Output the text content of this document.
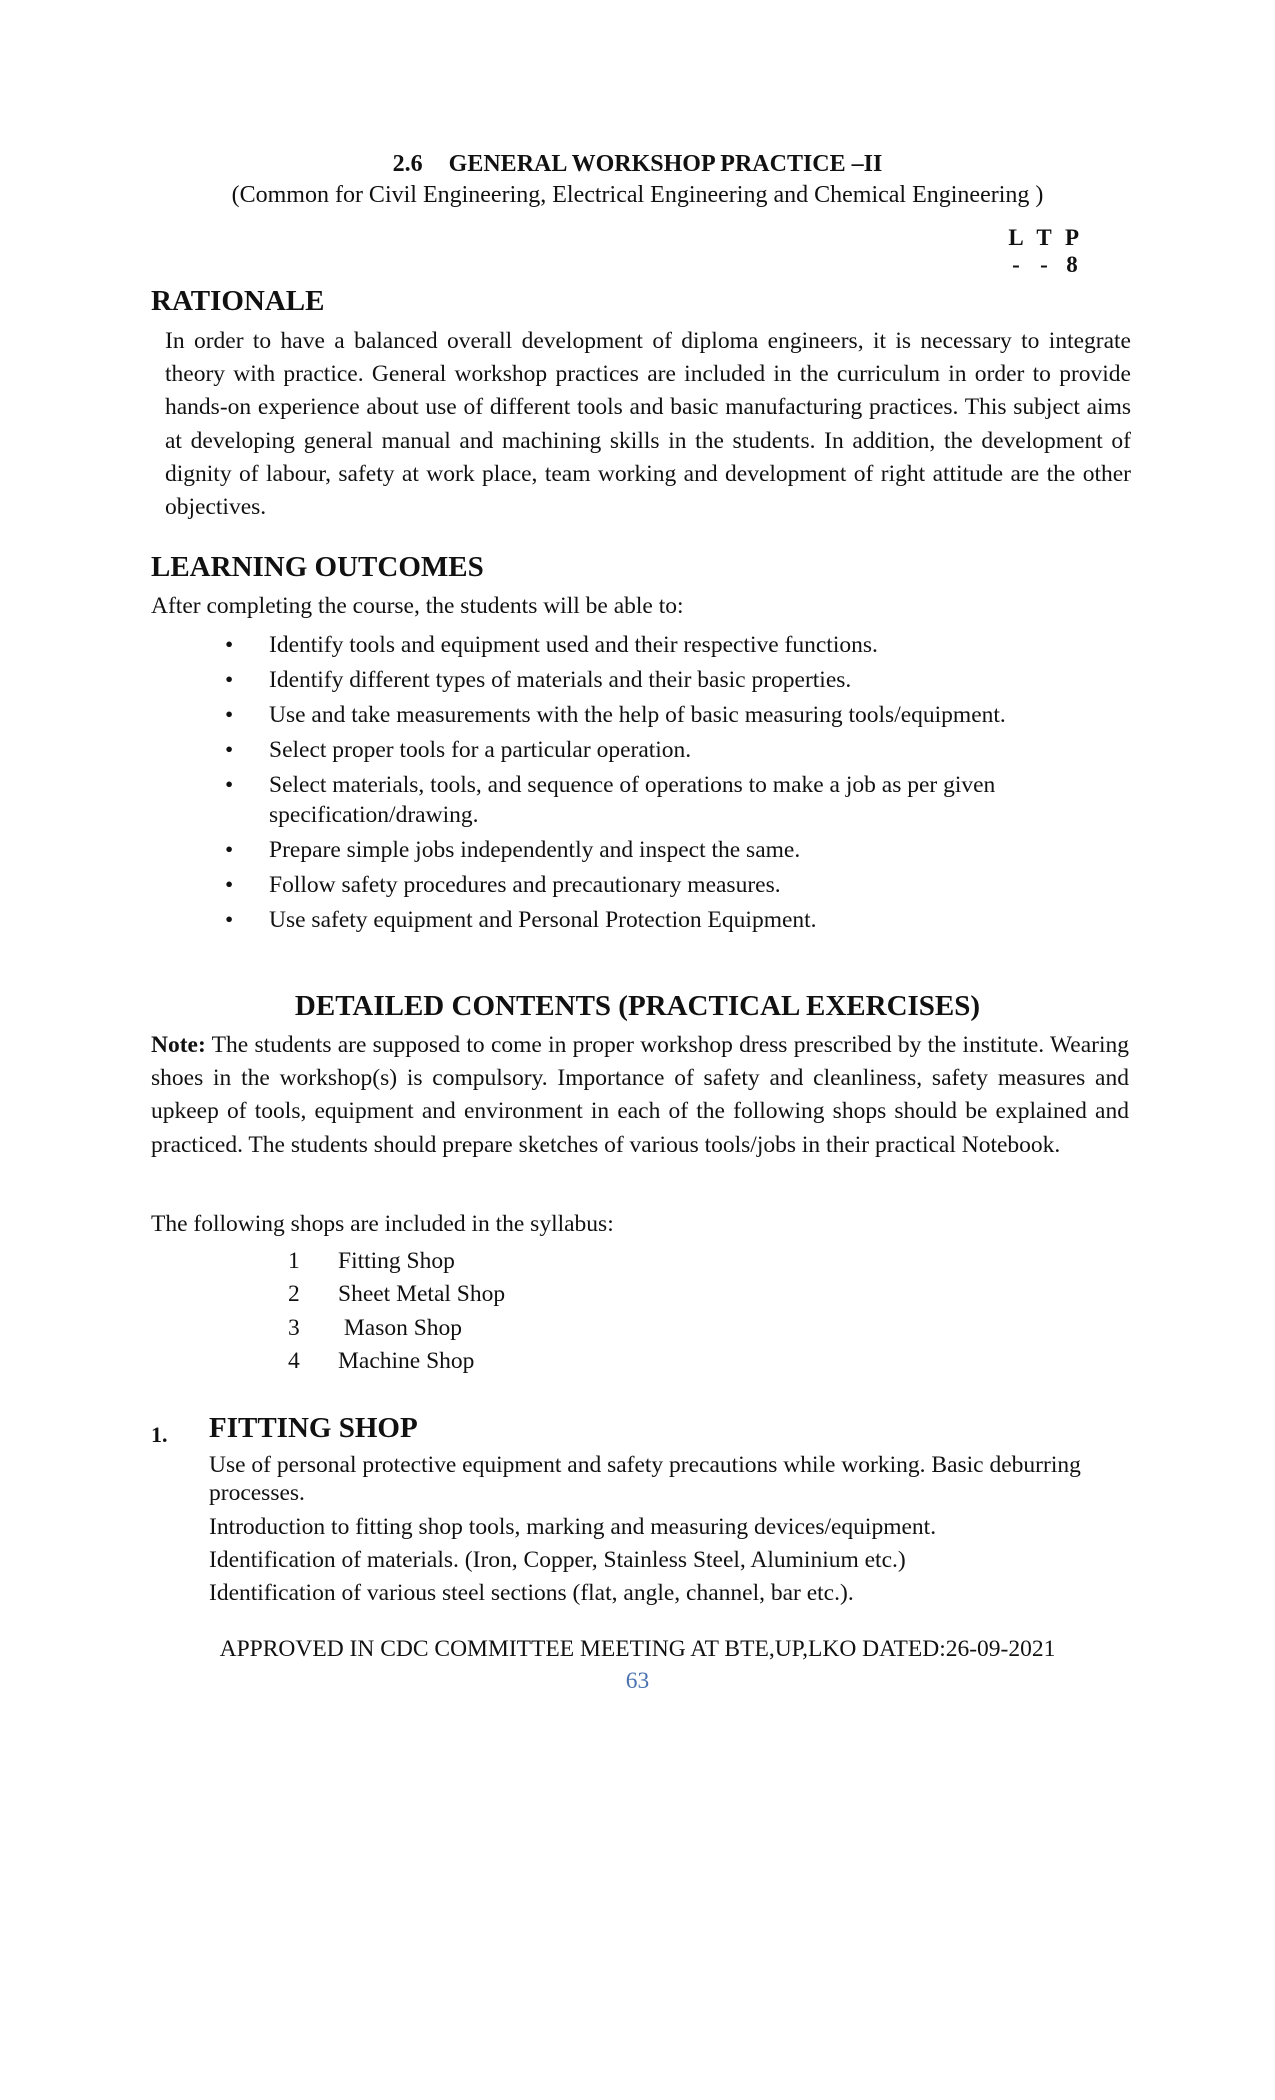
2.6 GENERAL WORKSHOP PRACTICE –II
(Common for Civil Engineering, Electrical Engineering and Chemical Engineering )
L T P
- - 8
RATIONALE
In order to have a balanced overall development of diploma engineers, it is necessary to integrate theory with practice. General workshop practices are included in the curriculum in order to provide hands-on experience about use of different tools and basic manufacturing practices. This subject aims at developing general manual and machining skills in the students. In addition, the development of dignity of labour, safety at work place, team working and development of right attitude are the other objectives.
LEARNING OUTCOMES
After completing the course, the students will be able to:
• Identify tools and equipment used and their respective functions.
• Identify different types of materials and their basic properties.
• Use and take measurements with the help of basic measuring tools/equipment.
• Select proper tools for a particular operation.
• Select materials, tools, and sequence of operations to make a job as per given specification/drawing.
• Prepare simple jobs independently and inspect the same.
• Follow safety procedures and precautionary measures.
• Use safety equipment and Personal Protection Equipment.
DETAILED CONTENTS (PRACTICAL EXERCISES)
Note: The students are supposed to come in proper workshop dress prescribed by the institute. Wearing shoes in the workshop(s) is compulsory. Importance of safety and cleanliness, safety measures and upkeep of tools, equipment and environment in each of the following shops should be explained and practiced. The students should prepare sketches of various tools/jobs in their practical Notebook.
The following shops are included in the syllabus:
1 Fitting Shop
2 Sheet Metal Shop
3 Mason Shop
4 Machine Shop
1. FITTING SHOP
Use of personal protective equipment and safety precautions while working. Basic deburring processes.
Introduction to fitting shop tools, marking and measuring devices/equipment.
Identification of materials. (Iron, Copper, Stainless Steel, Aluminium etc.)
Identification of various steel sections (flat, angle, channel, bar etc.).
APPROVED IN CDC COMMITTEE MEETING AT BTE,UP,LKO DATED:26-09-2021
63
